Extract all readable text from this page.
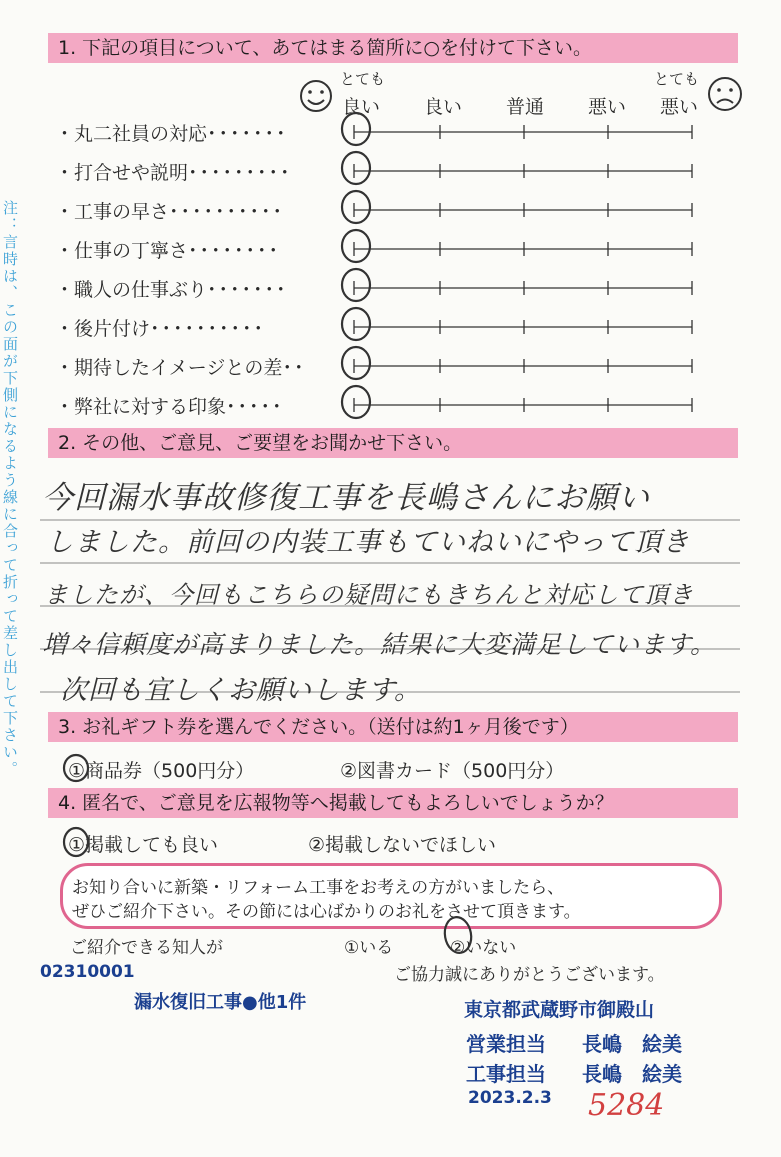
注：言時は、この面が下側になるよう線に合って折って差し出して下さい。
1. 下記の項目について、あてはまる箇所に○を付けて下さい。
とても
良い 良い 普通 悪い
とても
悪い
・丸二社員の対応･･･････
・打合せや説明･････････
・工事の早さ･･････････
・仕事の丁寧さ････････
・職人の仕事ぶり･･･････
・後片付け･･････････
・期待したイメージとの差･･
・弊社に対する印象･････
2. その他、ご意見、ご要望をお聞かせ下さい。
今回漏水事故修復工事を長嶋さんにお願い
しました。前回の内装工事もていねいにやって頂き
ましたが、今回もこちらの疑問にもきちんと対応して頂き
増々信頼度が高まりました。結果に大変満足しています。
次回も宜しくお願いします。
3. お礼ギフト券を選んでください。（送付は約1ヶ月後です）
①商品券（500円分）	②図書カード（500円分）
4. 匿名で、ご意見を広報物等へ掲載してもよろしいでしょうか？
①掲載しても良い	②掲載しないでほしい
お知り合いに新築・リフォーム工事をお考えの方がいましたら、
ぜひご紹介下さい。その節には心ばかりのお礼をさせて頂きます。
ご紹介できる知人が	①いる	②いない
ご協力誠にありがとうございます。
02310001
漏水復旧工事●他1件	東京都武蔵野市御殿山
営業担当 長嶋　絵美
工事担当 長嶋　絵美
2023.2.3 5284
